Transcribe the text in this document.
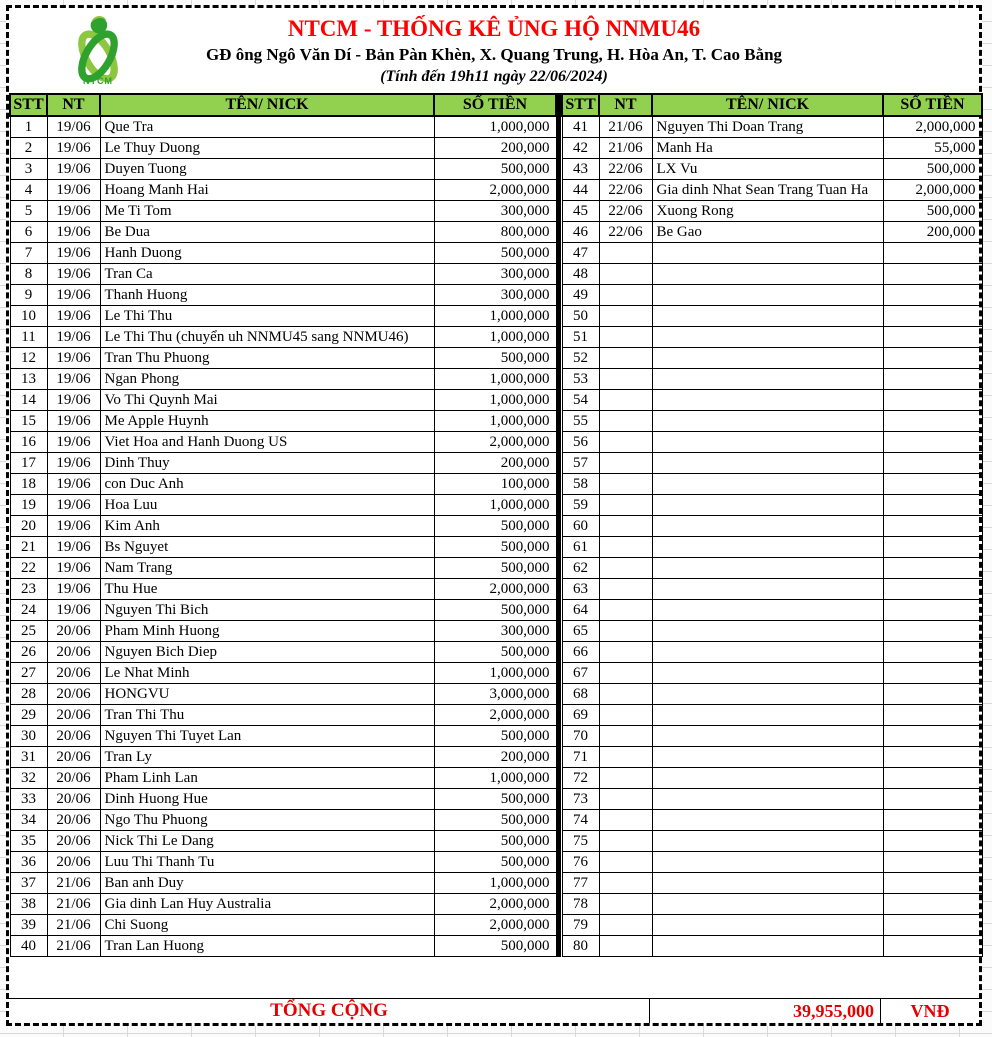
NTCM
NTCM - THỐNG KÊ ỦNG HỘ NNMU46
GĐ ông Ngô Văn Dí - Bản Pàn Khèn, X. Quang Trung, H. Hòa An, T. Cao Bằng
(Tính đến 19h11 ngày 22/06/2024)
STT	NT	TÊN/ NICK	SỐ TIỀN
1	19/06	Que Tra	1,000,000
2	19/06	Le Thuy Duong	200,000
3	19/06	Duyen Tuong	500,000
4	19/06	Hoang Manh Hai	2,000,000
5	19/06	Me Ti Tom	300,000
6	19/06	Be Dua	800,000
7	19/06	Hanh Duong	500,000
8	19/06	Tran Ca	300,000
9	19/06	Thanh Huong	300,000
10	19/06	Le Thi Thu	1,000,000
11	19/06	Le Thi Thu (chuyển uh NNMU45 sang NNMU46)	1,000,000
12	19/06	Tran Thu Phuong	500,000
13	19/06	Ngan Phong	1,000,000
14	19/06	Vo Thi Quynh Mai	1,000,000
15	19/06	Me Apple Huynh	1,000,000
16	19/06	Viet Hoa and Hanh Duong US	2,000,000
17	19/06	Dinh Thuy	200,000
18	19/06	con Duc Anh	100,000
19	19/06	Hoa Luu	1,000,000
20	19/06	Kim Anh	500,000
21	19/06	Bs Nguyet	500,000
22	19/06	Nam Trang	500,000
23	19/06	Thu Hue	2,000,000
24	19/06	Nguyen Thi Bich	500,000
25	20/06	Pham Minh Huong	300,000
26	20/06	Nguyen Bich Diep	500,000
27	20/06	Le Nhat Minh	1,000,000
28	20/06	HONGVU	3,000,000
29	20/06	Tran Thi Thu	2,000,000
30	20/06	Nguyen Thi Tuyet Lan	500,000
31	20/06	Tran Ly	200,000
32	20/06	Pham Linh Lan	1,000,000
33	20/06	Dinh Huong Hue	500,000
34	20/06	Ngo Thu Phuong	500,000
35	20/06	Nick Thi Le Dang	500,000
36	20/06	Luu Thi Thanh Tu	500,000
37	21/06	Ban anh Duy	1,000,000
38	21/06	Gia dinh Lan Huy Australia	2,000,000
39	21/06	Chi Suong	2,000,000
40	21/06	Tran Lan Huong	500,000
STT	NT	TÊN/ NICK	SỐ TIỀN
41	21/06	Nguyen Thi Doan Trang	2,000,000
42	21/06	Manh Ha	55,000
43	22/06	LX Vu	500,000
44	22/06	Gia dinh Nhat Sean Trang Tuan Ha	2,000,000
45	22/06	Xuong Rong	500,000
46	22/06	Be Gao	200,000
47			
48			
49			
50			
51			
52			
53			
54			
55			
56			
57			
58			
59			
60			
61			
62			
63			
64			
65			
66			
67			
68			
69			
70			
71			
72			
73			
74			
75			
76			
77			
78			
79			
80			
TỔNG CỘNG	39,955,000	VNĐ
